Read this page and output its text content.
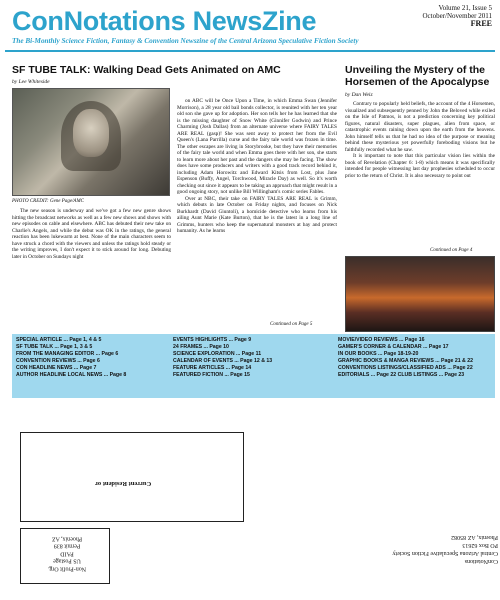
ConNotations NewsZine	Volume 21, Issue 5
October/November 2011
FREE
The Bi-Monthly Science Fiction, Fantasy & Convention Newszine of the Central Arizona Speculative Fiction Society
SF TUBE TALK: Walking Dead Gets Animated on AMC
by Lee Whiteside
PHOTO CREDIT: Gene Page/AMC

The new season is underway and we've got a few new genre shows hitting the broadcast networks as well as a few new shows and shows with new episodes on cable and elsewhere. ABC has debuted their new take on Charlie's Angels, and while the debut was OK in the ratings, the general reaction has been lukewarm at best. None of the main characters seem to have struck a chord with the viewers and unless the ratings hold steady or the writing improves, I don't expect it to stick around for long. Debuting later in October on Sundays night

on ABC will be Once Upon a Time, in which Emma Swan (Jennifer Morrison), a 28 year old bail bonds collector, is reunited with her ten year old son she gave up for adoption. Her son tells her he has learned that she is the missing daughter of Snow White (Ginnifer Godwin) and Prince Charming (Josh Dallas) from an alternate universe where FAIRY TALES ARE REAL (gasp)! She was sent away to protect her from the Evil Queen's (Lana Parrilla) curse and the fairy tale world was frozen in time. The other escapes are living in Storybrooke, but they have their memories of the fairy tale world and when Emma goes there with her son, she starts to learn more about her past and the dangers she may be facing. The show does have some producers and writers with a good track record behind it, including Adam Horowitz and Edward Kitsis from Lost, plus Jane Espenson (Buffy, Angel, Torchwood, Miracle Day) as well. So it's worth checking out since it appears to be taking an approach that might result in a good ongoing story, not unlike Bill Willingham's comic series Fables.

Over at NBC, their take on FAIRY TALES ARE REAL is Grimm, which debuts in late October on Friday nights, and focuses on Nick Burkhardt (David Giuntoli), a homicide detective who learns from his ailing Aunt Marie (Kate Burton), that he is the latest in a long line of Grimms, hunters who keep the supernatural monsters at bay and protect humanity. As he learns

Continued on Page 5
Unveiling the Mystery of the Horsemen of the Apocalypse
by Dan Weiz

Contrary to popularly held beliefs, the account of the 4 Horsemen, visualized and subsequently penned by John the Beloved while exiled on the Isle of Patmos, is not a prediction concerning key political figures, natural disasters, super plagues, alien from space, or catastrophic events raining down upon the earth from the heavens. John himself tells us that he had no idea of the purpose or meaning behind these mysterious yet powerfully foreboding visions but he faithfully recorded what he saw.

It is important to note that this particular vision lies within the book of Revelation (Chapter 6: 1-8) which means it was specifically intended for people witnessing last day prophesies scheduled to occur prior to the return of Christ. It is also necessary to point out

Continued on Page 4
SPECIAL ARTICLE ... Page 1, 4 & 5
SF TUBE TALK ... Page 1, 3 & 5
FROM THE MANAGING EDITOR ... Page 6
CONVENTION REVIEWS ... Page 6
CON HEADLINE NEWS ... Page 7
AUTHOR HEADLINE LOCAL NEWS ... Page 8
EVENTS HIGHLIGHTS ... Page 9
24 FRAMES ... Page 10
SCIENCE EXPLORATION ... Page 11
CALENDAR OF EVENTS ... Page 12 & 13
FEATURE ARTICLES ... Page 14
FEATURED FICTION ... Page 15
MOVIE/VIDEO REVIEWS ... Page 16
GAMER'S CORNER & CALENDAR ... Page 17
IN OUR BOOKS ... Page 18-19-20
GRAPHIC BOOKS & MANGA REVIEWS ... Page 21 & 22
CONVENTIONS LISTINGS/CLASSIFIED ADS ... Page 22
EDITORIALS ... Page 22 CLUB LISTINGS ... Page 23
Current Resident or
Non-Profit Org.
US Postage
PAID
Permit 839
Phoenix, AZ
ConNotations
Central Arizona Speculative Fiction Society
PO Box 62613
Phoenix, AZ 85082
